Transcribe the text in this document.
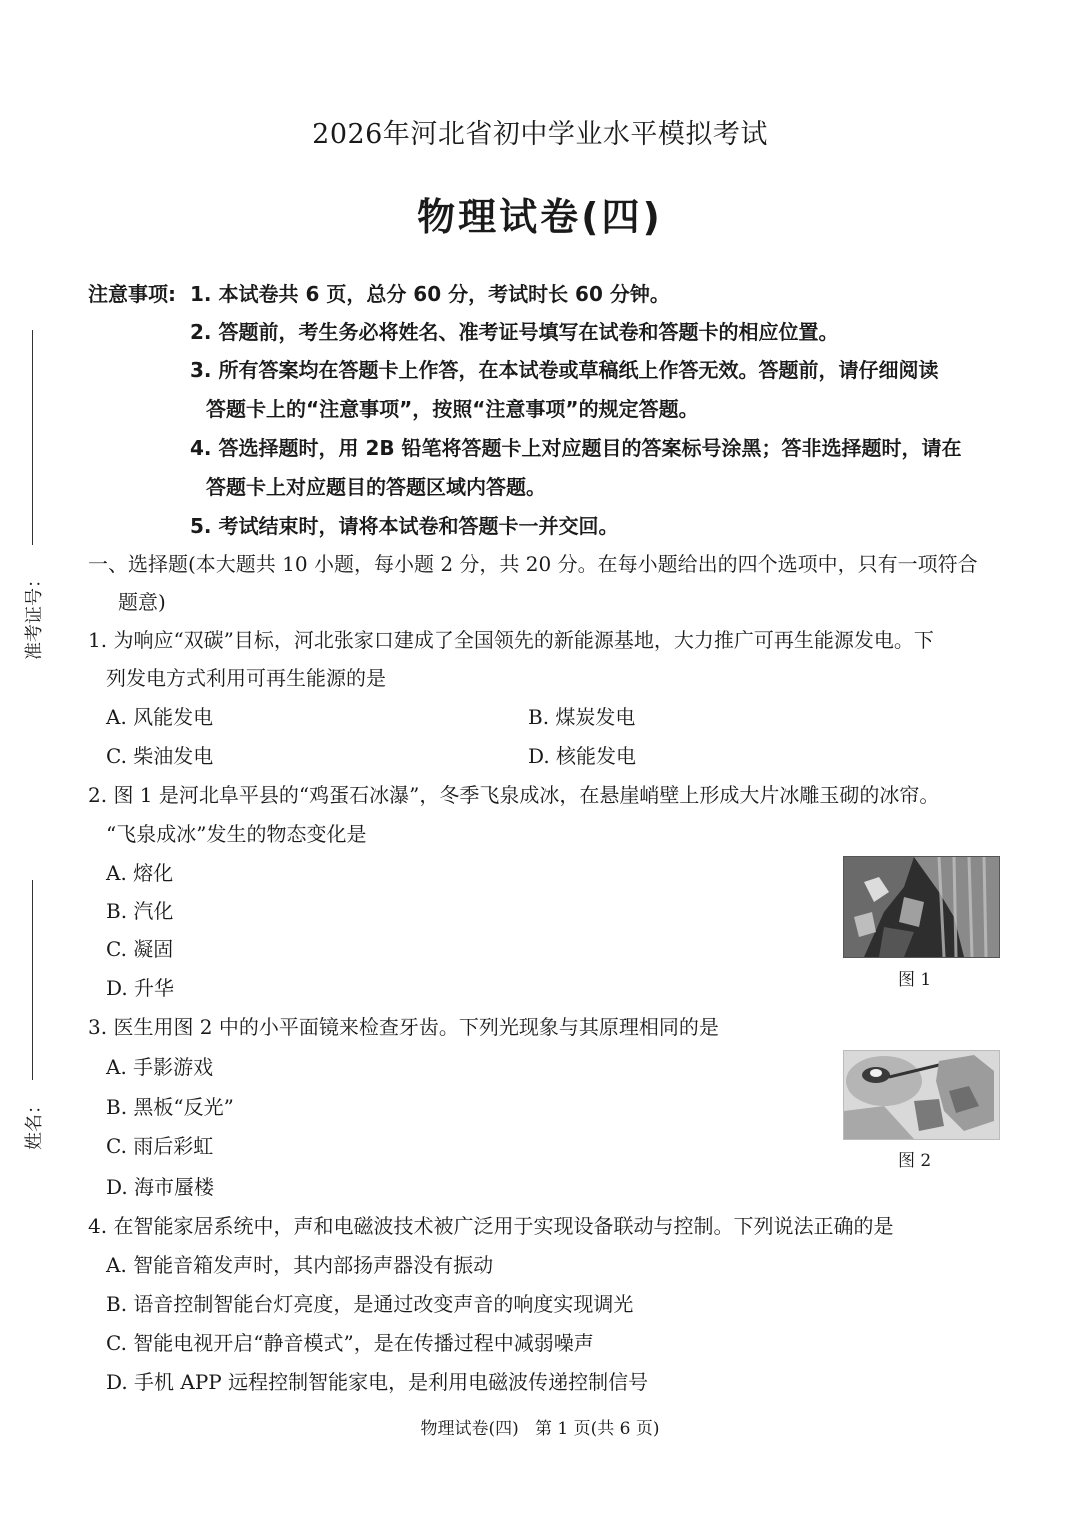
2026年河北省初中学业水平模拟考试
物理试卷(四)
准考证号：
姓名：
注意事项: 1. 本试卷共 6 页，总分 60 分，考试时长 60 分钟。
2. 答题前，考生务必将姓名、准考证号填写在试卷和答题卡的相应位置。
3. 所有答案均在答题卡上作答，在本试卷或草稿纸上作答无效。答题前，请仔细阅读
答题卡上的“注意事项”，按照“注意事项”的规定答题。
4. 答选择题时，用 2B 铅笔将答题卡上对应题目的答案标号涂黑；答非选择题时，请在
答题卡上对应题目的答题区域内答题。
5. 考试结束时，请将本试卷和答题卡一并交回。
一、选择题(本大题共 10 小题，每小题 2 分，共 20 分。在每小题给出的四个选项中，只有一项符合
题意)
1. 为响应“双碳”目标，河北张家口建成了全国领先的新能源基地，大力推广可再生能源发电。下
列发电方式利用可再生能源的是
A. 风能发电	B. 煤炭发电
C. 柴油发电	D. 核能发电
2. 图 1 是河北阜平县的“鸡蛋石冰瀑”，冬季飞泉成冰，在悬崖峭壁上形成大片冰雕玉砌的冰帘。
“飞泉成冰”发生的物态变化是
A. 熔化
B. 汽化
C. 凝固
D. 升华	图 1
3. 医生用图 2 中的小平面镜来检查牙齿。下列光现象与其原理相同的是
A. 手影游戏
B. 黑板“反光”
C. 雨后彩虹
D. 海市蜃楼
图 2
4. 在智能家居系统中，声和电磁波技术被广泛用于实现设备联动与控制。下列说法正确的是
A. 智能音箱发声时，其内部扬声器没有振动
B. 语音控制智能台灯亮度，是通过改变声音的响度实现调光
C. 智能电视开启“静音模式”，是在传播过程中减弱噪声
D. 手机 APP 远程控制智能家电，是利用电磁波传递控制信号
物理试卷(四)   第 1 页(共 6 页)
